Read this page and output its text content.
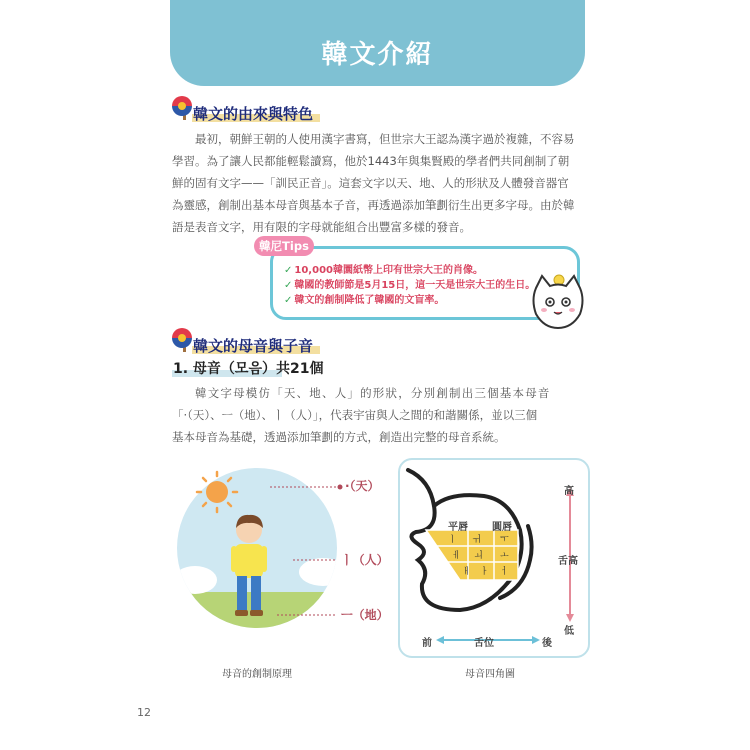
韓文介紹
韓文的由來與特色
最初，朝鮮王朝的人使用漢字書寫，但世宗大王認為漢字過於複雜，不容易
學習。為了讓人民都能輕鬆讀寫，他於1443年與集賢殿的學者們共同創制了朝
鮮的固有文字——「訓民正音」。這套文字以天、地、人的形狀及人體發音器官
為靈感，創制出基本母音與基本子音，再透過添加筆劃衍生出更多字母。由於韓
語是表音文字，用有限的字母就能組合出豐富多樣的發音。
韓尼Tips
✓ 10,000韓圜紙幣上印有世宗大王的肖像。
✓ 韓國的教師節是5月15日，這一天是世宗大王的生日。
✓ 韓文的創制降低了韓國的文盲率。
韓文的母音與子音
1. 母音（모음）共21個
韓文字母模仿「天、地、人」的形狀，分別創制出三個基本母音
「·（天）、ㅡ（地）、ㅣ（人）」，代表宇宙與人之間的和諧關係，並以三個
基本母音為基礎，透過添加筆劃的方式，創造出完整的母音系統。
·（天）
ㅣ（人）
ㅡ（地）
母音的創制原理
ㅣ ㅟ ㅜ
ㅔ ㅚ ㅗ
ㅐ ㅏ ㅓ
高
舌高
低
平唇 圓唇
前	舌位	後
母音四角圖
12
